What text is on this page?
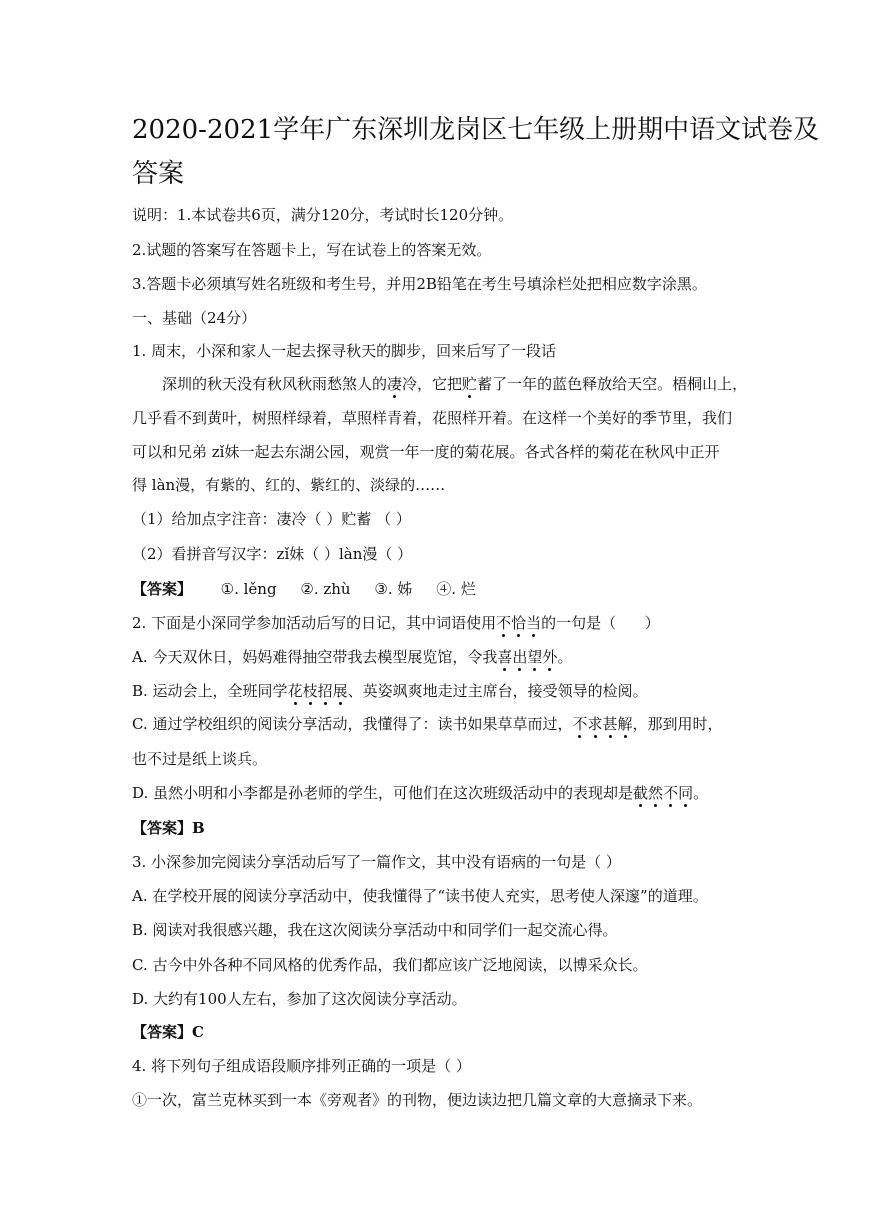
2020-2021学年广东深圳龙岗区七年级上册期中语文试卷及
答案
说明：1.本试卷共6页，满分120分，考试时长120分钟。
2.试题的答案写在答题卡上，写在试卷上的答案无效。
3.答题卡必须填写姓名班级和考生号，并用2B铅笔在考生号填涂栏处把相应数字涂黑。
一、基础（24分）
1. 周末，小深和家人一起去探寻秋天的脚步，回来后写了一段话
深圳的秋天没有秋风秋雨愁煞人的凄冷，它把贮蓄了一年的蓝色释放给天空。梧桐山上，
几乎看不到黄叶，树照样绿着，草照样青着，花照样开着。在这样一个美好的季节里，我们
可以和兄弟 zǐ妹一起去东湖公园，观赏一年一度的菊花展。各式各样的菊花在秋风中正开
得 làn漫，有紫的、红的、紫红的、淡绿的……
（1）给加点字注音：凄冷（ ）贮蓄 （ ）
（2）看拼音写汉字：zǐ妹（ ）làn漫（ ）
【答案】      ①. lěng     ②. zhù     ③. 姊     ④. 烂
2. 下面是小深同学参加活动后写的日记，其中词语使用不恰当的一句是（      ）
A. 今天双休日，妈妈难得抽空带我去模型展览馆，令我喜出望外。
B. 运动会上，全班同学花枝招展、英姿飒爽地走过主席台，接受领导的检阅。
C. 通过学校组织的阅读分享活动，我懂得了：读书如果草草而过，不求甚解，那到用时，
也不过是纸上谈兵。
D. 虽然小明和小李都是孙老师的学生，可他们在这次班级活动中的表现却是截然不同。
【答案】B
3. 小深参加完阅读分享活动后写了一篇作文，其中没有语病的一句是（ ）
A. 在学校开展的阅读分享活动中，使我懂得了“读书使人充实，思考使人深邃”的道理。
B. 阅读对我很感兴趣，我在这次阅读分享活动中和同学们一起交流心得。
C. 古今中外各种不同风格的优秀作品，我们都应该广泛地阅读，以博采众长。
D. 大约有100人左右，参加了这次阅读分享活动。
【答案】C
4. 将下列句子组成语段顺序排列正确的一项是（ ）
①一次，富兰克林买到一本《旁观者》的刊物，便边读边把几篇文章的大意摘录下来。
